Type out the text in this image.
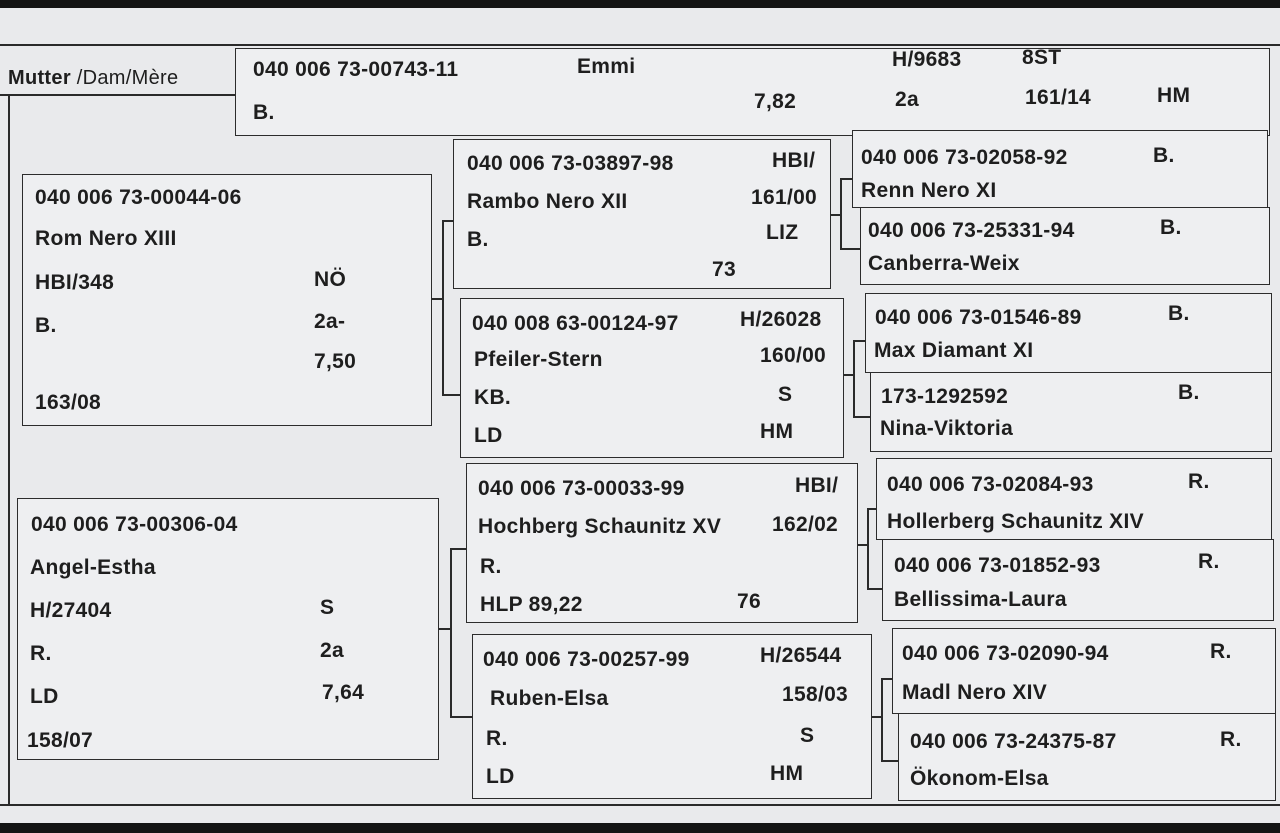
Mutter /Dam/Mère	040 006 73-00743-11	Emmi	H/9683	8ST
B.	7,82	2a	161/14	HM
040 006 73-00044-06
Rom Nero XIII
HBI/348	NÖ
B.	2a-
7,50
163/08
040 006 73-00306-04
Angel-Estha
H/27404	S
R.	2a
LD	7,64
158/07
040 006 73-03897-98	HBI/
Rambo Nero XII	161/00
B.	LIZ
73
040 008 63-00124-97	H/26028
Pfeiler-Stern	160/00
KB.	S
LD	HM
040 006 73-00033-99	HBI/
Hochberg Schaunitz XV 162/02
R.
HLP 89,22	76
040 006 73-00257-99	H/26544
Ruben-Elsa	158/03
R.	S
LD	HM
040 006 73-02058-92	B.
Renn Nero XI
040 006 73-25331-94	B.
Canberra-Weix
040 006 73-01546-89	B.
Max Diamant XI
173-1292592	B.
Nina-Viktoria
040 006 73-02084-93	R.
Hollerberg Schaunitz XIV
040 006 73-01852-93	R.
Bellissima-Laura
040 006 73-02090-94	R.
Madl Nero XIV
040 006 73-24375-87	R.
Ökonom-Elsa
